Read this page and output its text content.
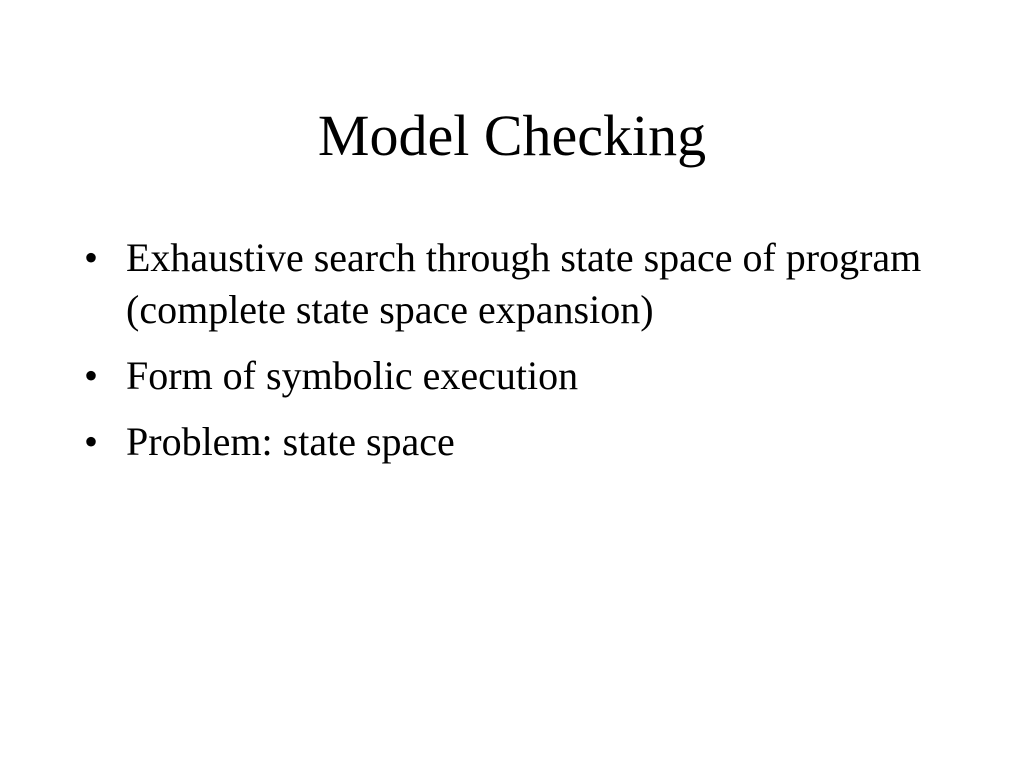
Model Checking
• Exhaustive search through state space of program (complete state space expansion)
• Form of symbolic execution
• Problem: state space
